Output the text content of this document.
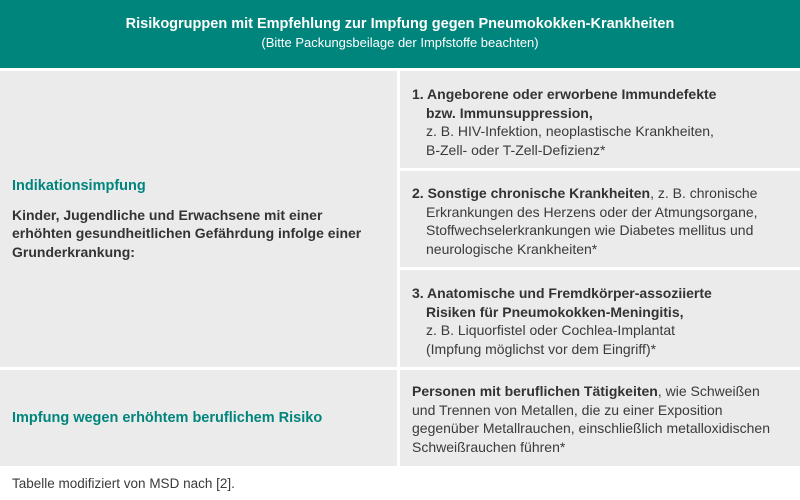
Risikogruppen mit Empfehlung zur Impfung gegen Pneumokokken-Krankheiten
(Bitte Packungsbeilage der Impfstoffe beachten)
Indikationsimpfung
Kinder, Jugendliche und Erwachsene mit einer erhöhten gesundheitlichen Gefährdung infolge einer Grunderkrankung:
1. Angeborene oder erworbene Immundefekte
bzw. Immunsuppression,
z. B. HIV-Infektion, neoplastische Krankheiten,
B-Zell- oder T-Zell-Defizienz*
2. Sonstige chronische Krankheiten, z. B. chronische
Erkrankungen des Herzens oder der Atmungsorgane,
Stoffwechselerkrankungen wie Diabetes mellitus und
neurologische Krankheiten*
3. Anatomische und Fremdkörper-assoziierte
Risiken für Pneumokokken-Meningitis,
z. B. Liquorfistel oder Cochlea-Implantat
(Impfung möglichst vor dem Eingriff)*
Impfung wegen erhöhtem beruflichem Risiko
Personen mit beruflichen Tätigkeiten, wie Schweißen
und Trennen von Metallen, die zu einer Exposition
gegenüber Metallrauchen, einschließlich metalloxidischen
Schweißrauchen führen*
Tabelle modifiziert von MSD nach [2].
